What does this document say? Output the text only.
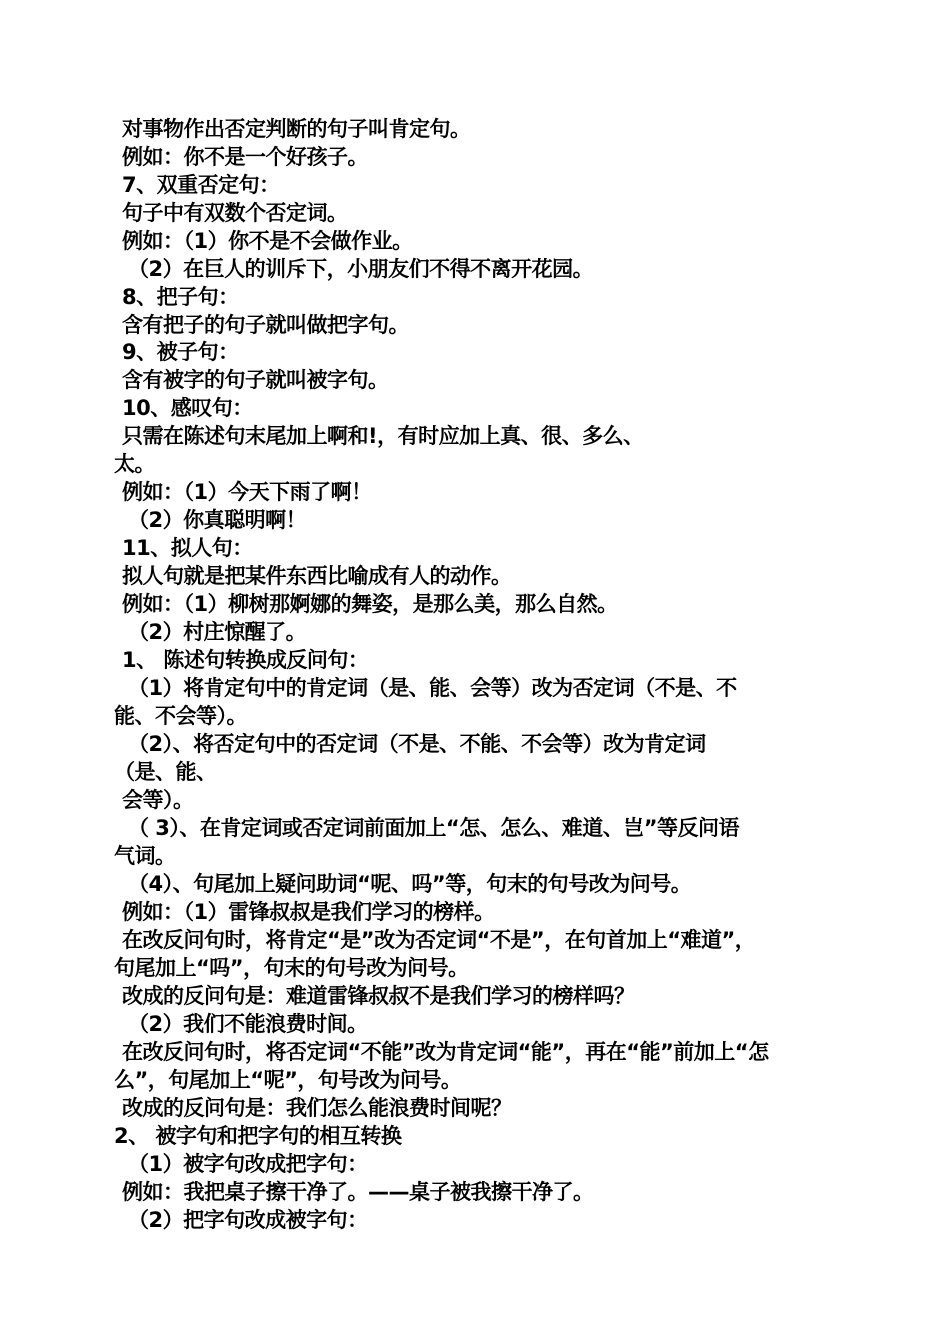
对事物作出否定判断的句子叫肯定句。
例如：你不是一个好孩子。
7、双重否定句：
句子中有双数个否定词。
例如：（1）你不是不会做作业。
（2）在巨人的训斥下，小朋友们不得不离开花园。
8、把子句：
含有把子的句子就叫做把字句。
9、被子句：
含有被字的句子就叫被字句。
10、感叹句：
只需在陈述句末尾加上啊和!，有时应加上真、很、多么、
太。
例如：（1）今天下雨了啊！
（2）你真聪明啊！
11、拟人句：
拟人句就是把某件东西比喻成有人的动作。
例如：（1）柳树那婀娜的舞姿，是那么美，那么自然。
（2）村庄惊醒了。
1、 陈述句转换成反问句：
（1）将肯定句中的肯定词（是、能、会等）改为否定词（不是、不
能、不会等）。
（2）、将否定句中的否定词（不是、不能、不会等）改为肯定词
（是、能、
会等）。
（ 3）、在肯定词或否定词前面加上“怎、怎么、难道、岂”等反问语
气词。
（4）、句尾加上疑问助词“呢、吗”等，句末的句号改为问号。
例如：（1）雷锋叔叔是我们学习的榜样。
在改反问句时，将肯定“是”改为否定词“不是”，在句首加上“难道”，
句尾加上“吗”，句末的句号改为问号。
改成的反问句是：难道雷锋叔叔不是我们学习的榜样吗？
（2）我们不能浪费时间。
在改反问句时，将否定词“不能”改为肯定词“能”，再在“能”前加上“怎
么”，句尾加上“呢”，句号改为问号。
改成的反问句是：我们怎么能浪费时间呢？
2、 被字句和把字句的相互转换
（1）被字句改成把字句：
例如：我把桌子擦干净了。——桌子被我擦干净了。
（2）把字句改成被字句：
